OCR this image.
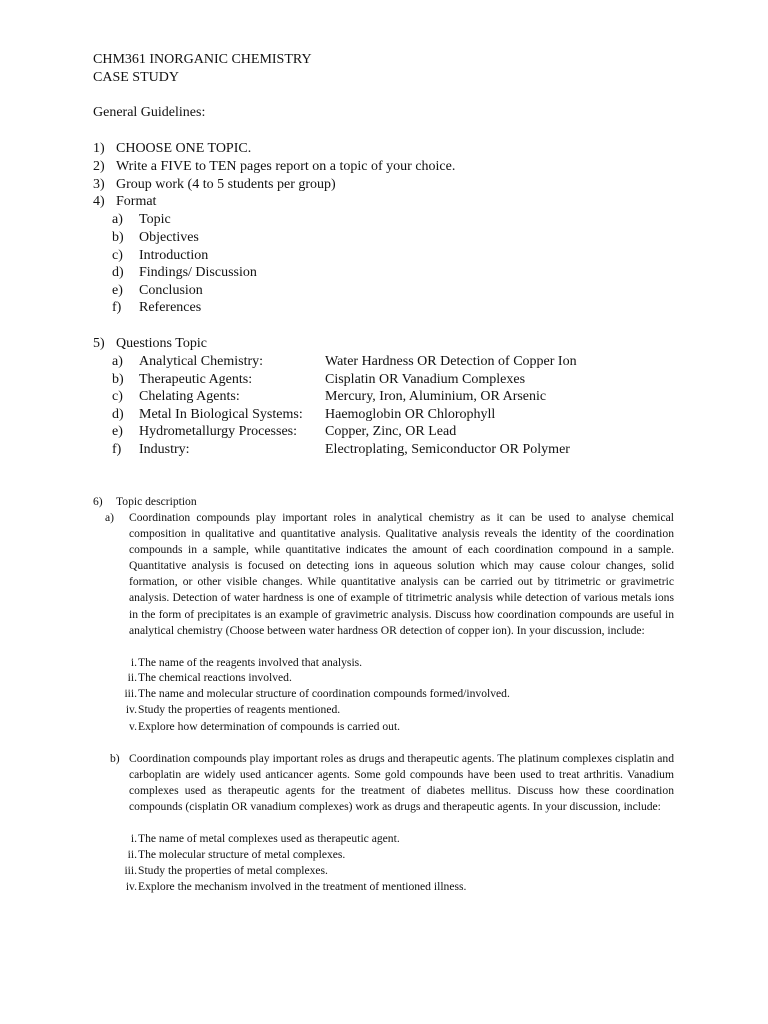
CHM361 INORGANIC CHEMISTRY
CASE STUDY
General Guidelines:
1) CHOOSE ONE TOPIC.
2) Write a FIVE to TEN pages report on a topic of your choice.
3) Group work (4 to 5 students per group)
4) Format
a) Topic
b) Objectives
c) Introduction
d) Findings/ Discussion
e) Conclusion
f) References
5) Questions Topic
a) Analytical Chemistry:	Water Hardness OR Detection of Copper Ion
b) Therapeutic Agents:	Cisplatin OR Vanadium Complexes
c) Chelating Agents:	Mercury, Iron, Aluminium, OR Arsenic
d) Metal In Biological Systems: Haemoglobin OR Chlorophyll
e) Hydrometallurgy Processes: Copper, Zinc, OR Lead
f) Industry:	Electroplating, Semiconductor OR Polymer
6) Topic description
a) Coordination compounds play important roles in analytical chemistry as it can be used to analyse chemical composition in qualitative and quantitative analysis. Qualitative analysis reveals the identity of the coordination compounds in a sample, while quantitative indicates the amount of each coordination compound in a sample. Quantitative analysis is focused on detecting ions in aqueous solution which may cause colour changes, solid formation, or other visible changes. While quantitative analysis can be carried out by titrimetric or gravimetric analysis. Detection of water hardness is one of example of titrimetric analysis while detection of various metals ions in the form of precipitates is an example of gravimetric analysis. Discuss how coordination compounds are useful in analytical chemistry (Choose between water hardness OR detection of copper ion). In your discussion, include:
i. The name of the reagents involved that analysis.
ii. The chemical reactions involved.
iii. The name and molecular structure of coordination compounds formed/involved.
iv. Study the properties of reagents mentioned.
v. Explore how determination of compounds is carried out.
b) Coordination compounds play important roles as drugs and therapeutic agents. The platinum complexes cisplatin and carboplatin are widely used anticancer agents. Some gold compounds have been used to treat arthritis. Vanadium complexes used as therapeutic agents for the treatment of diabetes mellitus. Discuss how these coordination compounds (cisplatin OR vanadium complexes) work as drugs and therapeutic agents. In your discussion, include:
i. The name of metal complexes used as therapeutic agent.
ii. The molecular structure of metal complexes.
iii. Study the properties of metal complexes.
iv. Explore the mechanism involved in the treatment of mentioned illness.
